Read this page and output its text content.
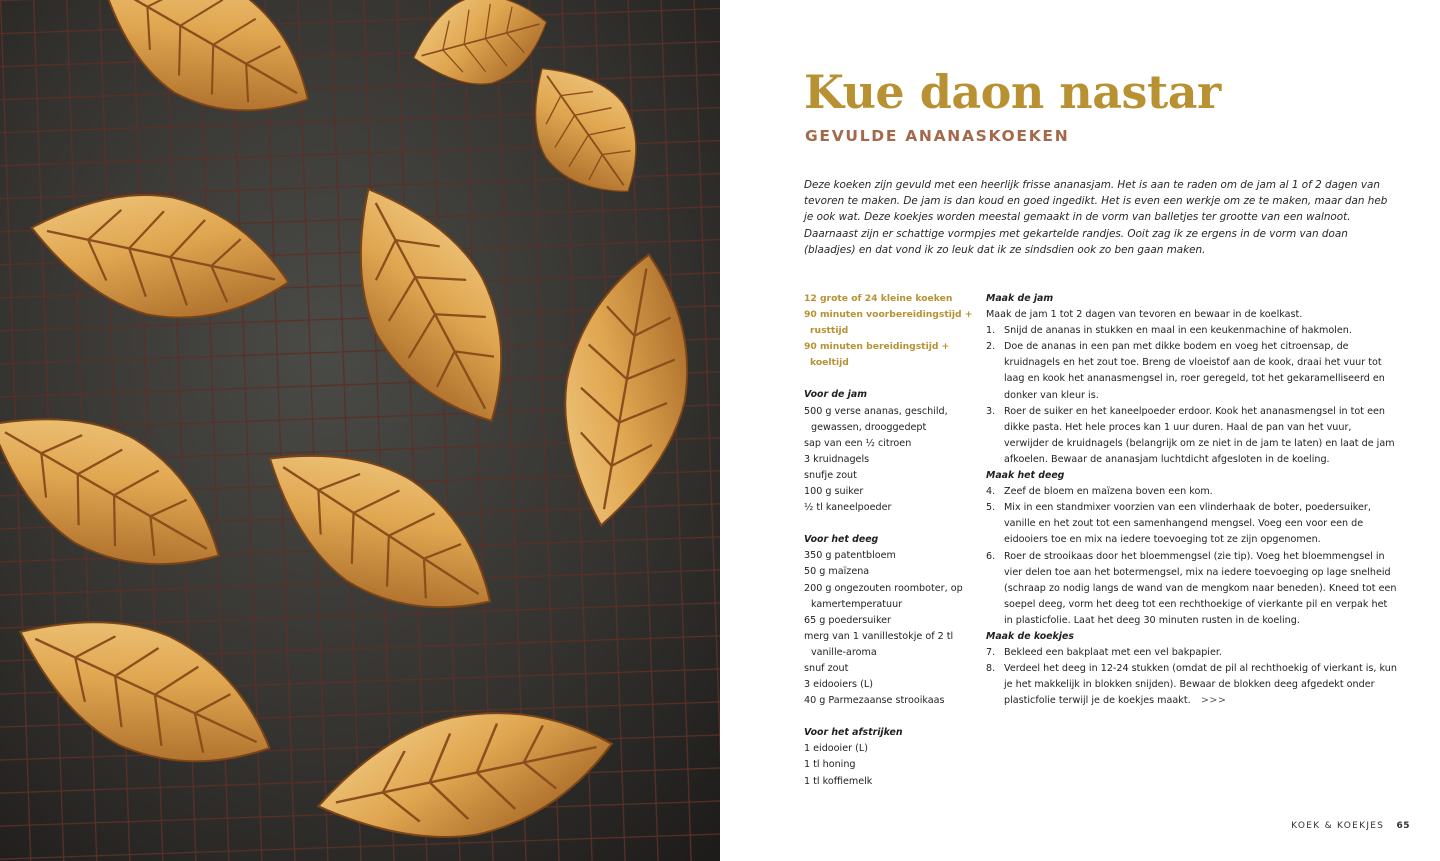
Kue daon nastar
GEVULDE ANANASKOEKEN

Deze koeken zijn gevuld met een heerlijk frisse ananasjam. Het is aan te raden om de jam al 1 of 2 dagen van tevoren te maken. De jam is dan koud en goed ingedikt. Het is even een werkje om ze te maken, maar dan heb je ook wat. Deze koekjes worden meestal gemaakt in de vorm van balletjes ter grootte van een walnoot. Daarnaast zijn er schattige vormpjes met gekartelde randjes. Ooit zag ik ze ergens in de vorm van doan (blaadjes) en dat vond ik zo leuk dat ik ze sindsdien ook zo ben gaan maken.

12 grote of 24 kleine koeken
90 minuten voorbereidingstijd + rusttijd
90 minuten bereidingstijd + koeltijd
Voor de jam
500 g verse ananas, geschild, gewassen, drooggedept
sap van een ½ citroen
3 kruidnagels
snufje zout
100 g suiker
½ tl kaneelpoeder
Voor het deeg
350 g patentbloem
50 g maïzena
200 g ongezouten roomboter, op kamertemperatuur
65 g poedersuiker
merg van 1 vanillestokje of 2 tl vanille-aroma
snuf zout
3 eidooiers (L)
40 g Parmezaanse strooikaas
Voor het afstrijken
1 eidooier (L)
1 tl honing
1 tl koffiemelk
Maak de jam
Maak de jam 1 tot 2 dagen van tevoren en bewaar in de koelkast.
1. Snijd de ananas in stukken en maal in een keukenmachine of hakmolen.
2. Doe de ananas in een pan met dikke bodem en voeg het citroensap, de kruidnagels en het zout toe. Breng de vloeistof aan de kook, draai het vuur tot laag en kook het ananasmengsel in, roer geregeld, tot het gekaramelliseerd en donker van kleur is.
3. Roer de suiker en het kaneelpoeder erdoor. Kook het ananasmengsel in tot een dikke pasta. Het hele proces kan 1 uur duren. Haal de pan van het vuur, verwijder de kruidnagels (belangrijk om ze niet in de jam te laten) en laat de jam afkoelen. Bewaar de ananasjam luchtdicht afgesloten in de koeling.
Maak het deeg
4. Zeef de bloem en maïzena boven een kom.
5. Mix in een standmixer voorzien van een vlinderhaak de boter, poedersuiker, vanille en het zout tot een samenhangend mengsel. Voeg een voor een de eidooiers toe en mix na iedere toevoeging tot ze zijn opgenomen.
6. Roer de strooikaas door het bloemmengsel (zie tip). Voeg het bloemmengsel in vier delen toe aan het botermengsel, mix na iedere toevoeging op lage snelheid (schraap zo nodig langs de wand van de mengkom naar beneden). Kneed tot een soepel deeg, vorm het deeg tot een rechthoekige of vierkante pil en verpak het in plasticfolie. Laat het deeg 30 minuten rusten in de koeling.
Maak de koekjes
7. Bekleed een bakplaat met een vel bakpapier.
8. Verdeel het deeg in 12-24 stukken (omdat de pil al rechthoekig of vierkant is, kun je het makkelijk in blokken snijden). Bewaar de blokken deeg afgedekt onder plasticfolie terwijl je de koekjes maakt.   >>>
KOEK & KOEKJES 65
